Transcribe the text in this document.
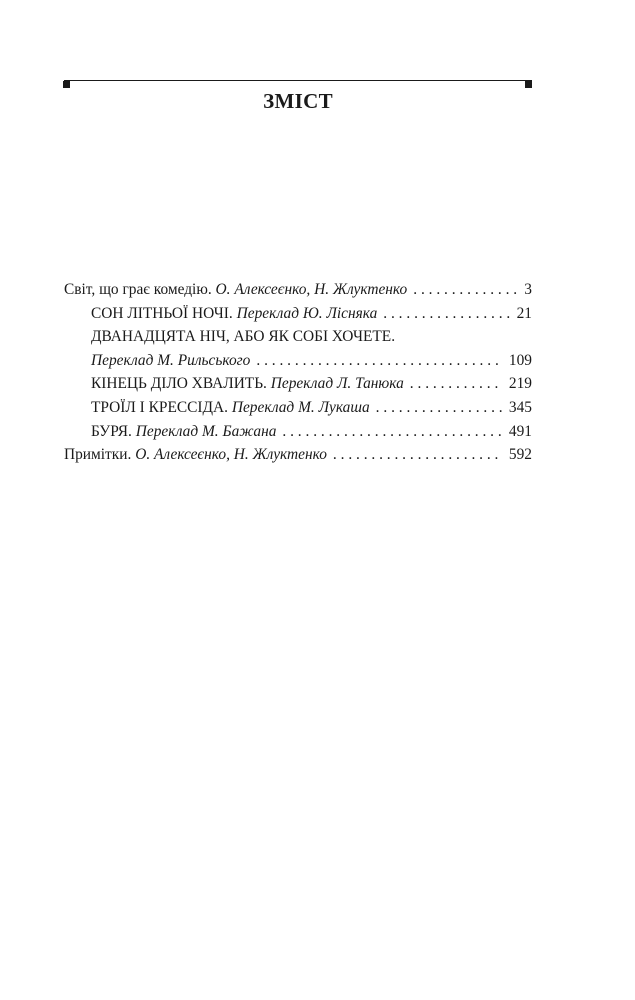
ЗМІСТ
Світ, що грає комедію. О. Алексеєнко, Н. Жлуктенко . . .	3
СОН ЛІТНЬОЇ НОЧІ. Переклад Ю. Лісняка . . .	21
ДВАНАДЦЯТА НІЧ, АБО ЯК СОБІ ХОЧЕТЕ.
Переклад М. Рильського . . .	109
КІНЕЦЬ ДІЛО ХВАЛИТЬ. Переклад Л. Танюка . . .	219
ТРОЇЛ І КРЕССІДА. Переклад М. Лукаша . . .	345
БУРЯ. Переклад М. Бажана . . .	491
Примітки. О. Алексеєнко, Н. Жлуктенко . . .	592
